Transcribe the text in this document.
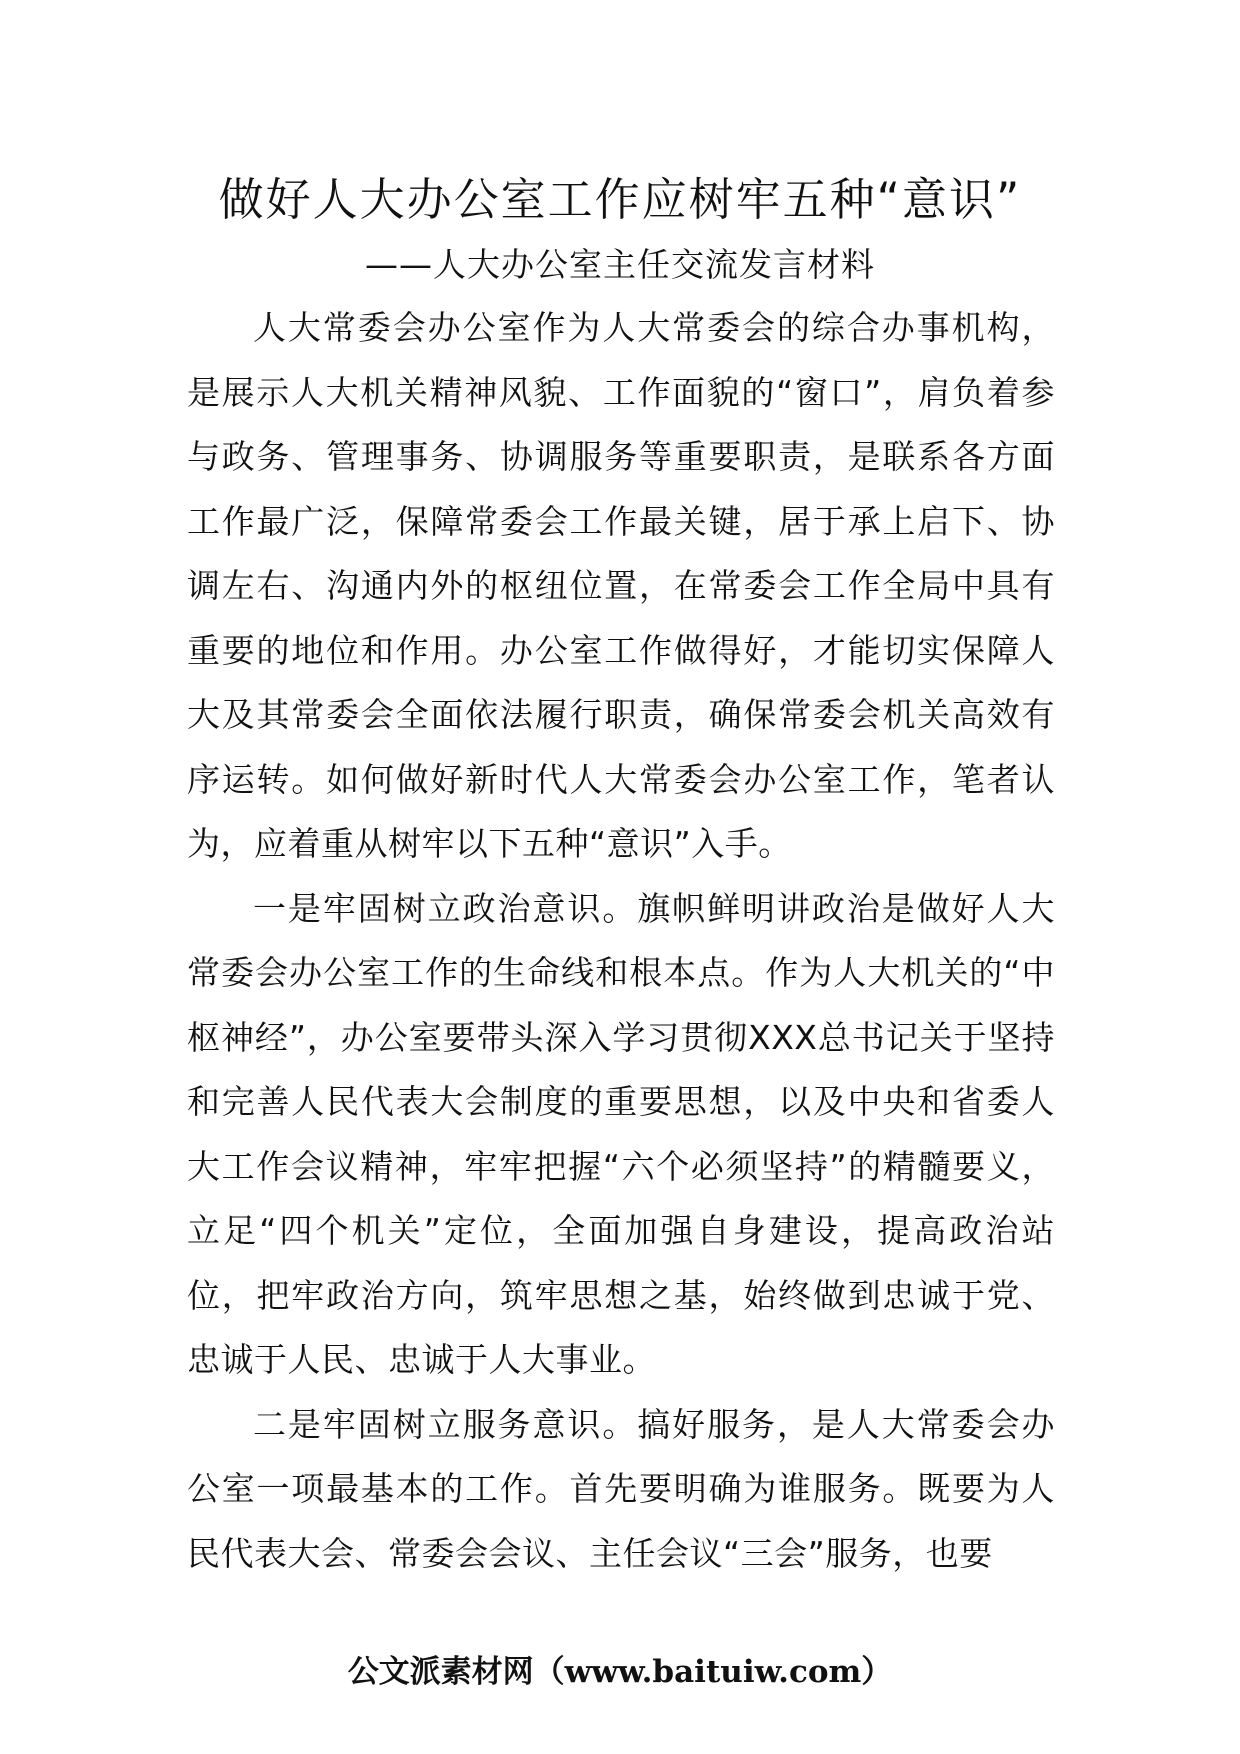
做好人大办公室工作应树牢五种“意识”
——人大办公室主任交流发言材料

人大常委会办公室作为人大常委会的综合办事机构，是展示人大机关精神风貌、工作面貌的“窗口”，肩负着参与政务、管理事务、协调服务等重要职责，是联系各方面工作最广泛，保障常委会工作最关键，居于承上启下、协调左右、沟通内外的枢纽位置，在常委会工作全局中具有重要的地位和作用。办公室工作做得好，才能切实保障人大及其常委会全面依法履行职责，确保常委会机关高效有序运转。如何做好新时代人大常委会办公室工作，笔者认为，应着重从树牢以下五种“意识”入手。

一是牢固树立政治意识。旗帜鲜明讲政治是做好人大常委会办公室工作的生命线和根本点。作为人大机关的“中枢神经”，办公室要带头深入学习贯彻XXX总书记关于坚持和完善人民代表大会制度的重要思想，以及中央和省委人大工作会议精神，牢牢把握“六个必须坚持”的精髓要义，立足“四个机关”定位，全面加强自身建设，提高政治站位，把牢政治方向，筑牢思想之基，始终做到忠诚于党、忠诚于人民、忠诚于人大事业。

二是牢固树立服务意识。搞好服务，是人大常委会办公室一项最基本的工作。首先要明确为谁服务。既要为人民代表大会、常委会会议、主任会议“三会”服务，也要

公文派素材网（www.baituiw.com）
